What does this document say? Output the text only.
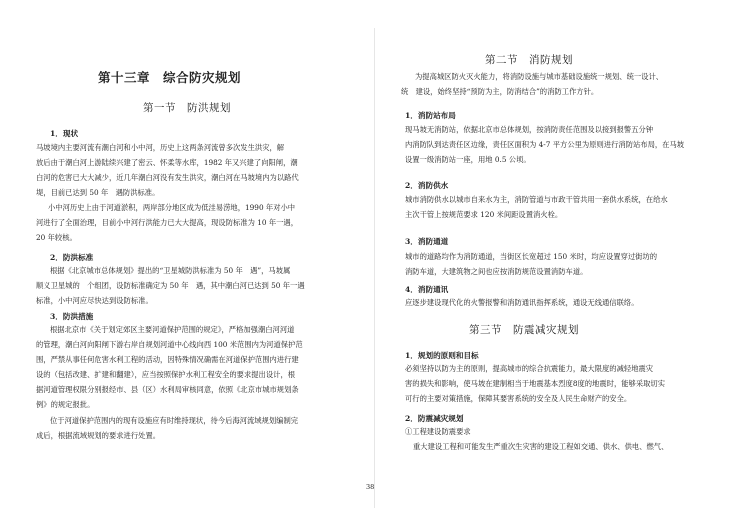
第十三章　综合防灾规划
第一节　防洪规划
1．现状
马坡境内主要河流有潮白河和小中河，历史上这两条河流曾多次发生洪灾，解
放后由于潮白河上游陆续兴建了密云、怀柔等水库，1982 年又兴建了向阳闸，潮
白河的危害已大大减少，近几年潮白河没有发生洪灾，潮白河在马坡境内为以路代
堤，目前已达到 50 年　遇防洪标准。
小中河历史上由于河道淤积，两岸部分地区成为低洼易涝地，1990 年对小中
河进行了全面治理，目前小中河行洪能力已大大提高，现设防标准为 10 年一遇，
20 年较核。
2．防洪标准
根据《北京城市总体规划》提出的“卫星城防洪标准为 50 年　遇”，马坡属
顺义卫星城的　个组团，设防标准确定为 50 年　遇，其中潮白河已达到 50 年一遇
标准，小中河应尽快达到设防标准。
3．防洪措施
根据北京市《关于划定郊区主要河道保护范围的规定》，严格加强潮白河河道
的管理，潮白河向阳闸下游右岸自规划河道中心线向西 100 米范围内为河道保护范
围，严禁从事任何危害水利工程的活动，因特殊情况确需在河道保护范围内进行建
设的（包括改建、扩建和翻建），应当按照保护水利工程安全的要求提出设计，根
据河道管理权限分别报经市、县（区）水利局审核同意，依照《北京市城市规划条
例》的规定报批。
位于河道保护范围内的现有设施应有时维持现状，待今后海河流域规划编制完
成后，根据流域规划的要求进行处置。
第二节　消防规划
为提高城区防火灭火能力，将消防设施与城市基础设施统一规划、统一设计、
统　建设，始终坚持“预防为主，防消结合”的消防工作方针。
1．消防站布局
现马坡无消防站，依据北京市总体规划，按消防责任范围及以接到报警五分钟
内消防队到达责任区边缘，责任区面积为 4-7 平方公里为原则进行消防站布局，在马坡
设置一级消防站一座，用地 0.5 公顷。
2．消防供水
城市消防供水以城市自来水为主，消防管道与市政干管共用一套供水系统，在给水
主次干管上按规范要求 120 米间距设置消火栓。
3．消防通道
城市的道路均作为消防通道，当街区长宽超过 150 米时，均应设置穿过街坊的
消防车道，大建筑物之间也应按消防规范设置消防车道。
4．消防通讯
应逐步建设现代化的火警报警和消防通讯指挥系统，通设无线通信联络。
第三节　防震减灾规划
1．规划的原则和目标
必须坚持以防为主的原则，提高城市的综合抗震能力，最大限度的减轻地震灾
害的损失和影响，使马坡在建制相当于地震基本烈度8度的地震时，能够采取切实
可行的主要对策措施，保障其要害系统的安全及人民生命财产的安全。
2．防震减灾规划
①工程建设防震要求
重大建设工程和可能发生严重次生灾害的建设工程如交通、供水、供电、燃气、
38
